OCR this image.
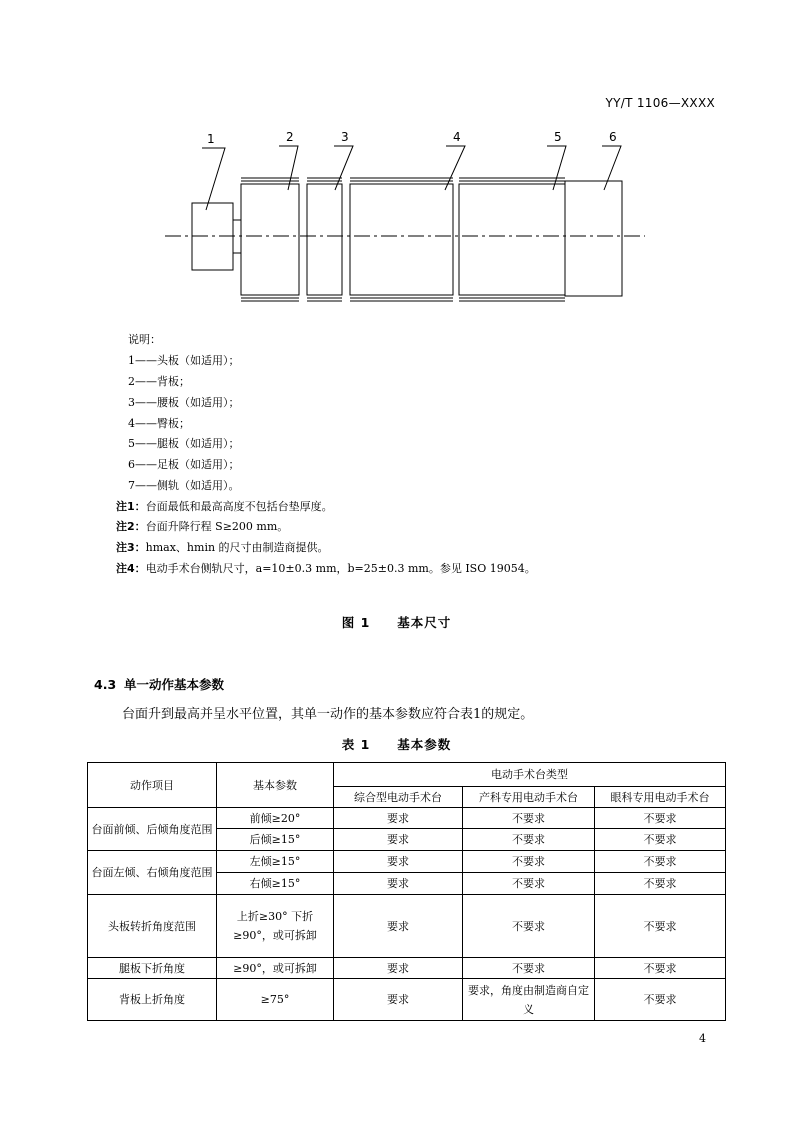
YY/T 1106—XXXX
1	2	3	4	5	6
说明：
1——头板（如适用）；
2——背板；
3——腰板（如适用）；
4——臀板；
5——腿板（如适用）；
6——足板（如适用）；
7——侧轨（如适用）。
注1：台面最低和最高高度不包括台垫厚度。
注2：台面升降行程 S≥200 mm。
注3：hmax、hmin 的尺寸由制造商提供。
注4：电动手术台侧轨尺寸，a=10±0.3 mm，b=25±0.3 mm。参见 ISO 19054。
图 1　　基本尺寸
4.3 单一动作基本参数
台面升到最高并呈水平位置，其单一动作的基本参数应符合表1的规定。
表 1　　基本参数
动作项目	基本参数	电动手术台类型		
		综合型电动手术台	产科专用电动手术台	眼科专用电动手术台
台面前倾、后倾角度范围	前倾≥20°	要求	不要求	不要求
	后倾≥15°	要求	不要求	不要求
台面左倾、右倾角度范围	左倾≥15°	要求	不要求	不要求
	右倾≥15°	要求	不要求	不要求
头板转折角度范围	上折≥30° 下折≥90°，或可拆卸	要求	不要求	不要求
腿板下折角度	≥90°，或可拆卸	要求	不要求	不要求
背板上折角度	≥75°	要求	要求，角度由制造商自定义	不要求
4
